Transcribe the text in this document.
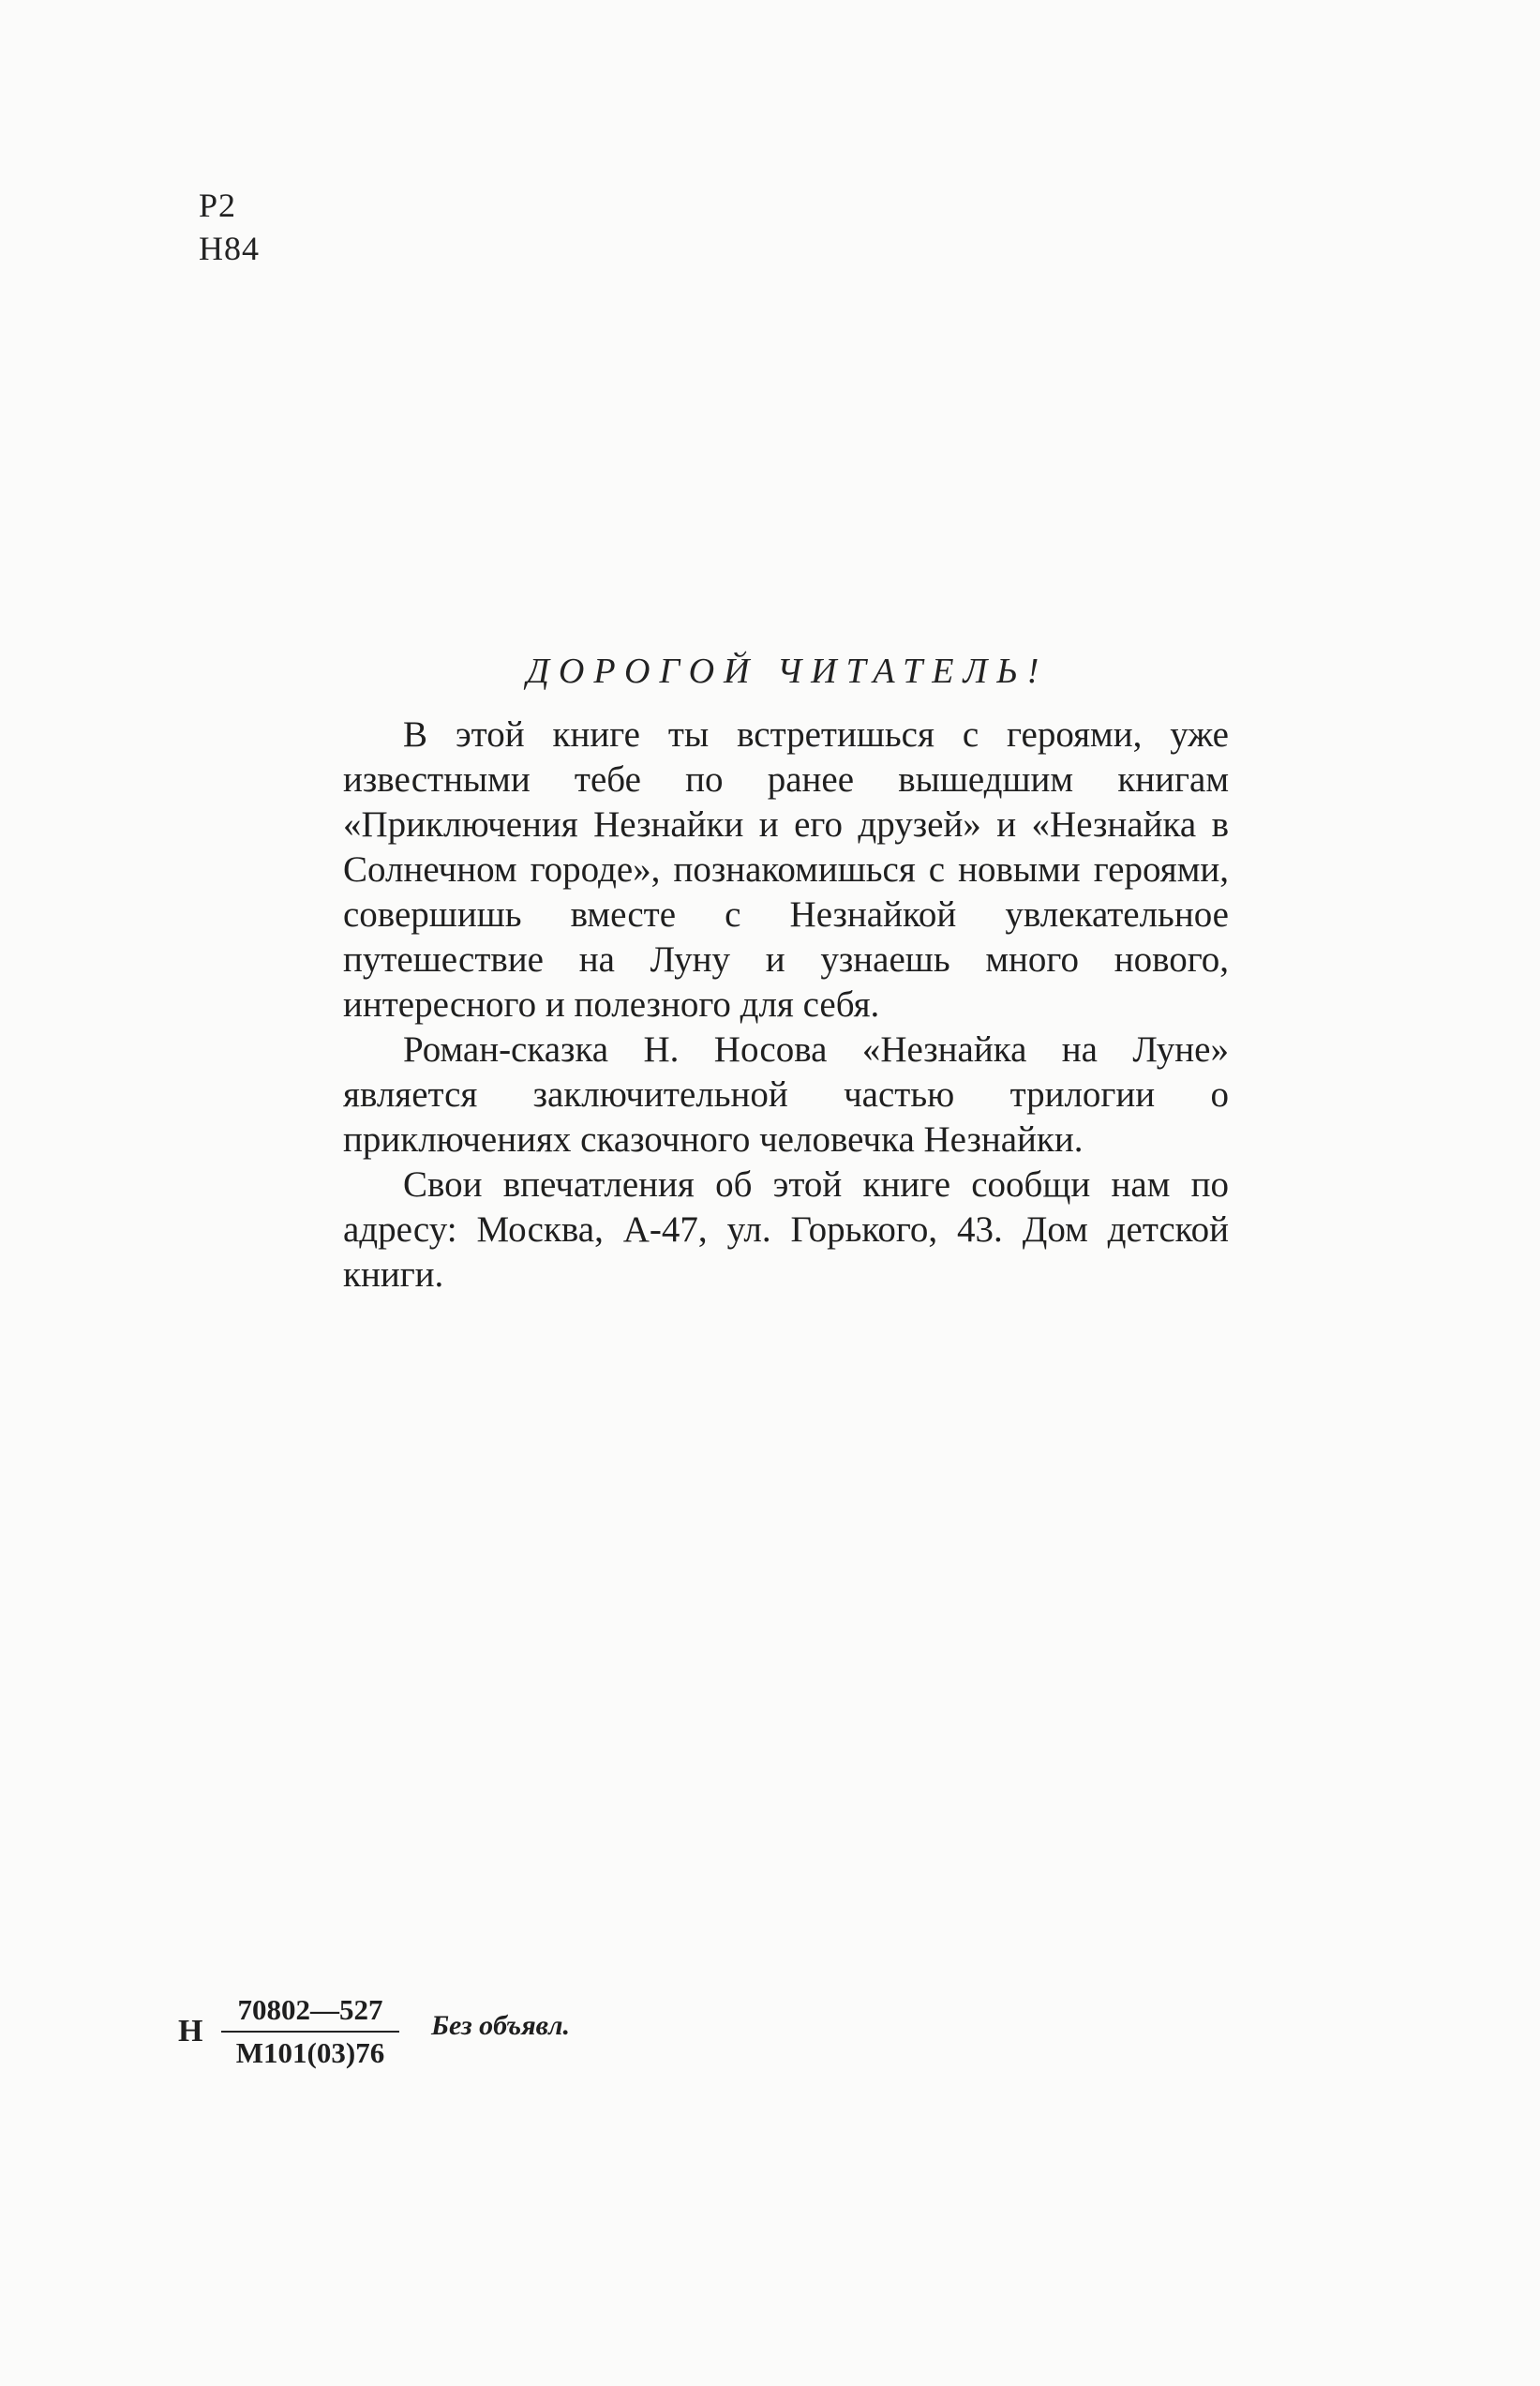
Р2
Н84
ДОРОГОЙ ЧИТАТЕЛЬ!

В этой книге ты встретишься с героями, уже известными тебе по ранее вышедшим книгам «Приключения Незнайки и его друзей» и «Незнайка в Солнечном городе», познакомишься с новыми героями, совершишь вместе с Незнайкой увлекательное путешествие на Луну и узнаешь много нового, интересного и полезного для себя.

Роман-сказка Н. Носова «Незнайка на Луне» является заключительной частью трилогии о приключениях сказочного человечка Незнайки.

Свои впечатления об этой книге сообщи нам по адресу: Москва, А-47, ул. Горького, 43. Дом детской книги.

Н
70802—527
М101(03)76
Без объявл.
